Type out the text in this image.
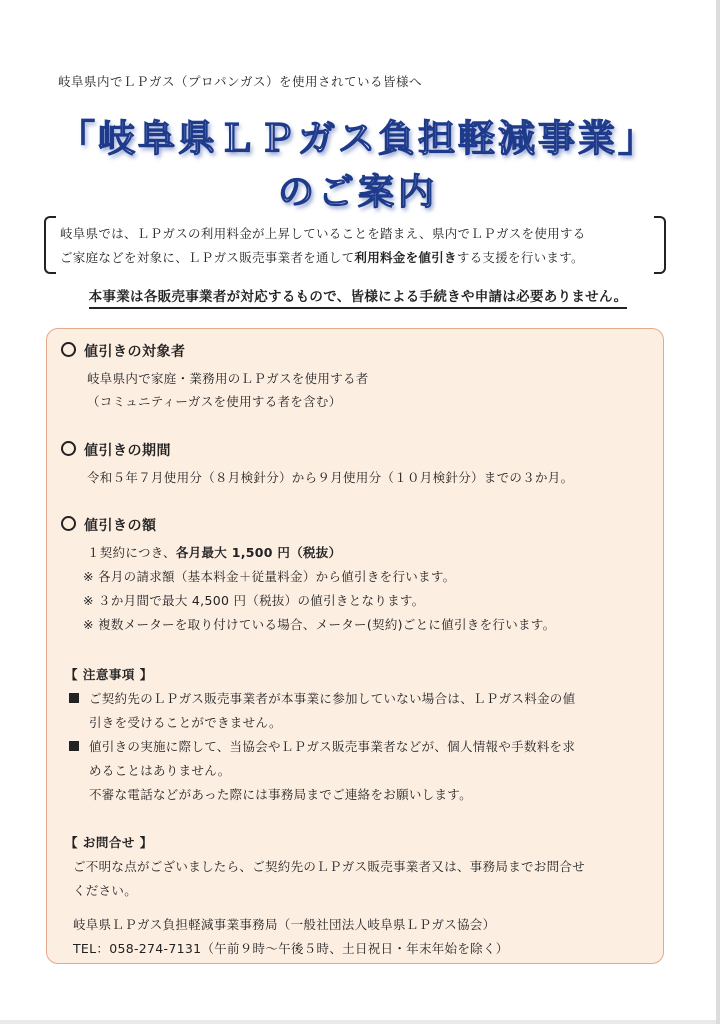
岐阜県内でＬＰガス（プロパンガス）を使用されている皆様へ
「岐阜県ＬＰガス負担軽減事業」
のご案内
岐阜県では、ＬＰガスの利用料金が上昇していることを踏まえ、県内でＬＰガスを使用する
ご家庭などを対象に、ＬＰガス販売事業者を通して利用料金を値引きする支援を行います。
本事業は各販売事業者が対応するもので、皆様による手続きや申請は必要ありません。
値引きの対象者
岐阜県内で家庭・業務用のＬＰガスを使用する者
（コミュニティーガスを使用する者を含む）
値引きの期間
令和５年７月使用分（８月検針分）から９月使用分（１０月検針分）までの３か月。
値引きの額
１契約につき、各月最大 1,500 円（税抜）
※ 各月の請求額（基本料金＋従量料金）から値引きを行います。
※ ３か月間で最大 4,500 円（税抜）の値引きとなります。
※ 複数メーターを取り付けている場合、メーター(契約)ごとに値引きを行います。
【 注意事項 】
ご契約先のＬＰガス販売事業者が本事業に参加していない場合は、ＬＰガス料金の値
引きを受けることができません。
値引きの実施に際して、当協会やＬＰガス販売事業者などが、個人情報や手数料を求
めることはありません。
不審な電話などがあった際には事務局までご連絡をお願いします。
【 お問合せ 】
ご不明な点がございましたら、ご契約先のＬＰガス販売事業者又は、事務局までお問合せ
ください。
岐阜県ＬＰガス負担軽減事業事務局（一般社団法人岐阜県ＬＰガス協会）
TEL：058-274-7131（午前９時～午後５時、土日祝日・年末年始を除く）
